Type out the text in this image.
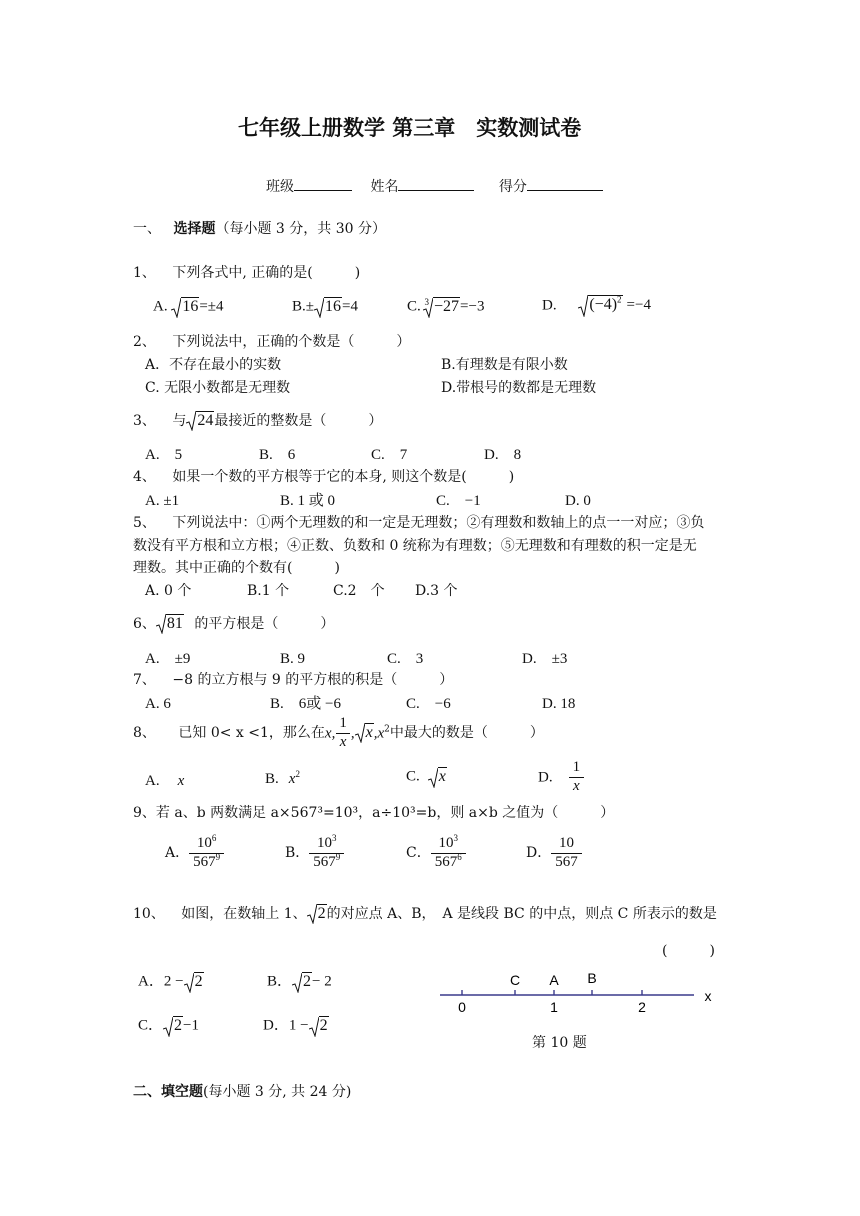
七年级上册数学 第三章　实数测试卷
班级	姓名	得分
一、 选择题（每小题 3 分，共 30 分）
1、 下列各式中, 正确的是(　　　)
A. 16=±4	B.± 16=4	C. $^3$ −27=−3	D. $(-4)^2 =-4$
2、 下列说法中，正确的个数是（　　　）
A．不存在最小的实数	B.有理数是有限小数
C. 无限小数都是无理数	D.带根号的数都是无理数
3、 与 24最接近的整数是（　　　）
A.　5	B.　6	C.　7	D.　8
4、 如果一个数的平方根等于它的本身, 则这个数是(　　　)
A. ±1	B. 1 或 0	C.　−1	D. 0
5、 下列说法中：①两个无理数的和一定是无理数；②有理数和数轴上的点一一对应；③负
数没有平方根和立方根；④正数、负数和 0 统称为有理数；⑤无理数和有理数的积一定是无
理数。其中正确的个数有(　　　)
A. 0 个	B.1 个	C.2　个 D.3 个
6、 81 的平方根是（　　　）
A.　±9	B. 9	C.　3	D.　±3
7、 −8 的立方根与 9 的平方根的积是（　　　）
A. 6	B.　6或 −6	C.　−6	D. 18
8、 已知 0< x <1，那么在x, $\frac{1}{x}$ , $x,x^2$中最大的数是（　　　）
A. x	B. $x^2$	C. x	D. $\frac{1}{x}$
9、若 a、b 两数满足 a×567³=10³，a÷10³=b，则 a×b 之值为（　　　）
A． $\frac{10^6}{567^9}$	B． $\frac{10^3}{567^9}$	C． $\frac{10^3}{567^6}$	D． $\frac{10}{567}$
10、 如图，在数轴上 1、 2的对应点 A、B，　A 是线段 BC 的中点，则点 C 所表示的数是
(　　　)
A．2 − 2	B． 2− 2
C． 2−1	D．1 − 2
C A B
0	1	2
x
第 10 题
二、填空题(每小题 3 分, 共 24 分)
